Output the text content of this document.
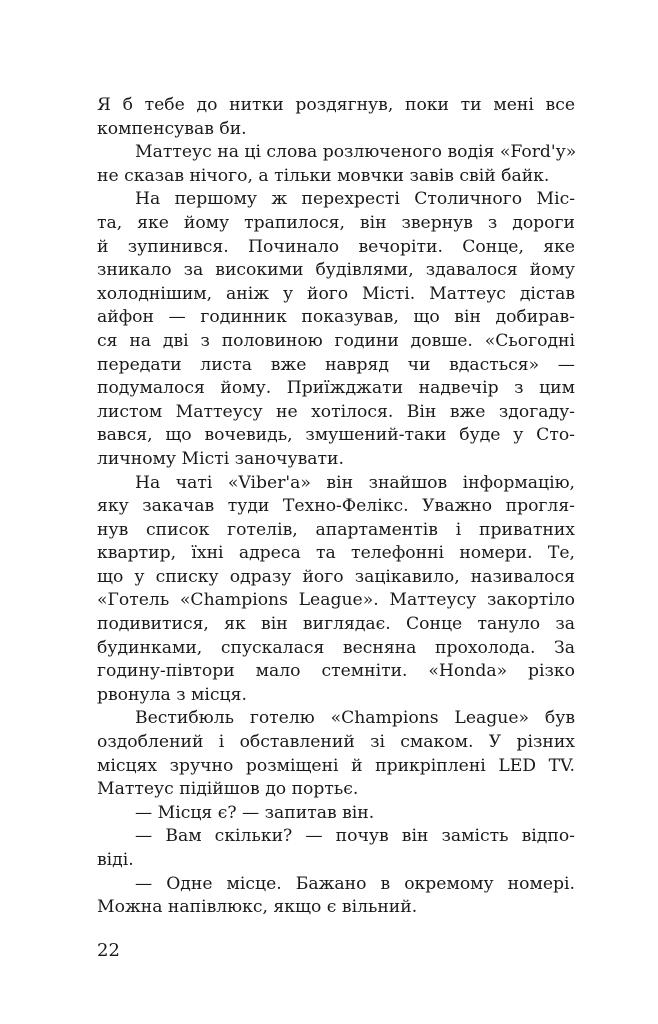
Я б тебе до нитки роздягнув, поки ти мені все
компенсував би.
Маттеус на ці слова розлюченого водія «Ford'у»
не сказав нічого, а тільки мовчки завів свій байк.
На першому ж перехресті Столичного Міс-
та, яке йому трапилося, він звернув з дороги
й зупинився. Починало вечоріти. Сонце, яке
зникало за високими будівлями, здавалося йому
холоднішим, аніж у його Місті. Маттеус дістав
айфон — годинник показував, що він добирав-
ся на дві з половиною години довше. «Сьогодні
передати листа вже навряд чи вдасться» —
подумалося йому. Приїжджати надвечір з цим
листом Маттеусу не хотілося. Він вже здогаду-
вався, що вочевидь, змушений-таки буде у Сто-
личному Місті заночувати.
На чаті «Viber'a» він знайшов інформацію,
яку закачав туди Техно-Фелікс. Уважно прогля-
нув список готелів, апартаментів і приватних
квартир, їхні адреса та телефонні номери. Те,
що у списку одразу його зацікавило, називалося
«Готель «Champions League». Маттеусу закортіло
подивитися, як він виглядає. Сонце тануло за
будинками, спускалася весняна прохолода. За
годину-півтори мало стемніти. «Honda» різко
рвонула з місця.
Вестибюль готелю «Champions League» був
оздоблений і обставлений зі смаком. У різних
місцях зручно розміщені й прикріплені LED TV.
Маттеус підійшов до портьє.
— Місця є? — запитав він.
— Вам скільки? — почув він замість відпо-
віді.
— Одне місце. Бажано в окремому номері.
Можна напівлюкс, якщо є вільний.
22
